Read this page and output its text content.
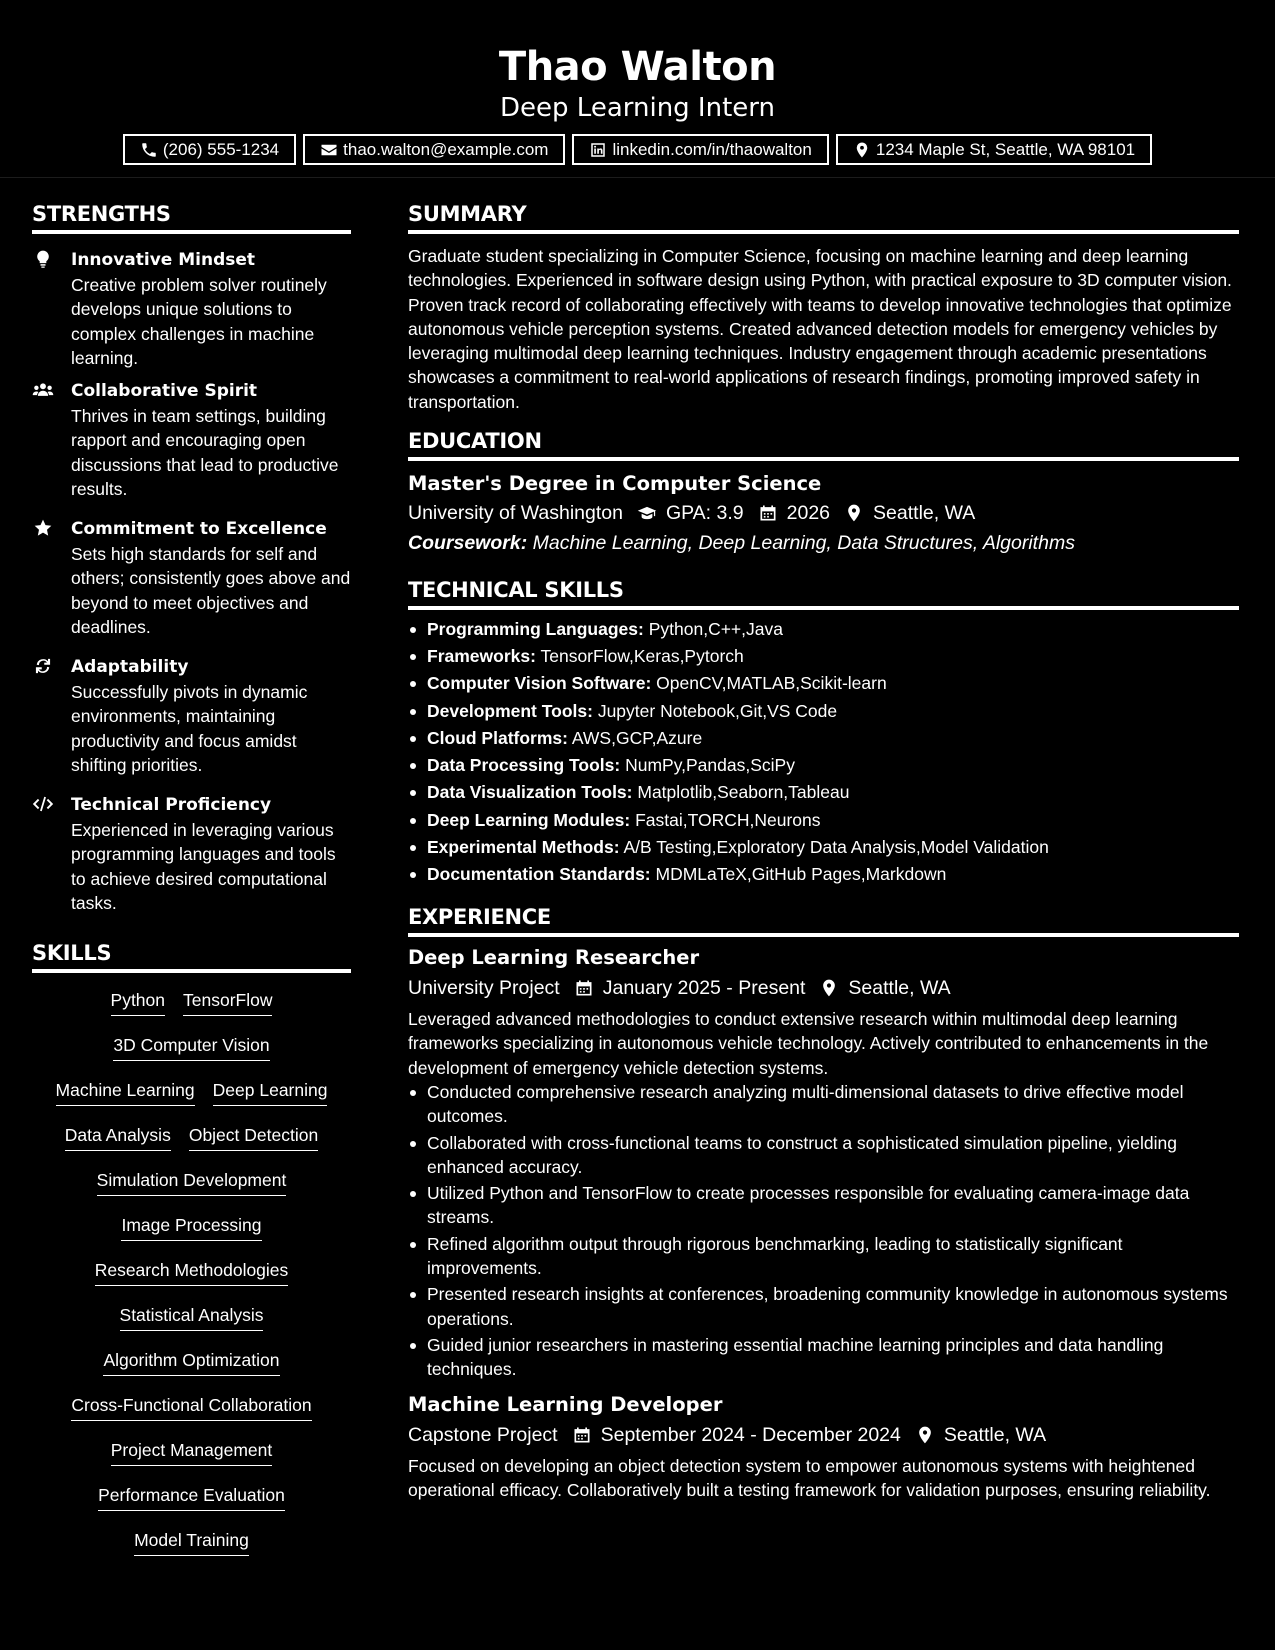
Thao Walton
Deep Learning Intern
(206) 555-1234	thao.walton@example.com	linkedin.com/in/thaowalton	1234 Maple St, Seattle, WA 98101
STRENGTHS
Innovative Mindset
Creative problem solver routinely develops unique solutions to complex challenges in machine learning.
Collaborative Spirit
Thrives in team settings, building rapport and encouraging open discussions that lead to productive results.
Commitment to Excellence
Sets high standards for self and others; consistently goes above and beyond to meet objectives and deadlines.
Adaptability
Successfully pivots in dynamic environments, maintaining productivity and focus amidst shifting priorities.
Technical Proficiency
Experienced in leveraging various programming languages and tools to achieve desired computational tasks.
SKILLS
Python TensorFlow
3D Computer Vision
Machine Learning Deep Learning
Data Analysis Object Detection
Simulation Development
Image Processing
Research Methodologies
Statistical Analysis
Algorithm Optimization
Cross-Functional Collaboration
Project Management
Performance Evaluation
Model Training
SUMMARY
Graduate student specializing in Computer Science, focusing on machine learning and deep learning technologies. Experienced in software design using Python, with practical exposure to 3D computer vision. Proven track record of collaborating effectively with teams to develop innovative technologies that optimize autonomous vehicle perception systems. Created advanced detection models for emergency vehicles by leveraging multimodal deep learning techniques. Industry engagement through academic presentations showcases a commitment to real-world applications of research findings, promoting improved safety in transportation.
EDUCATION
Master's Degree in Computer Science
University of Washington GPA: 3.9 2026 Seattle, WA
Coursework: Machine Learning, Deep Learning, Data Structures, Algorithms
TECHNICAL SKILLS
Programming Languages: Python,C++,Java
Frameworks: TensorFlow,Keras,Pytorch
Computer Vision Software: OpenCV,MATLAB,Scikit-learn
Development Tools: Jupyter Notebook,Git,VS Code
Cloud Platforms: AWS,GCP,Azure
Data Processing Tools: NumPy,Pandas,SciPy
Data Visualization Tools: Matplotlib,Seaborn,Tableau
Deep Learning Modules: Fastai,TORCH,Neurons
Experimental Methods: A/B Testing,Exploratory Data Analysis,Model Validation
Documentation Standards: MDMLaTeX,GitHub Pages,Markdown
EXPERIENCE
Deep Learning Researcher
University Project January 2025 - Present Seattle, WA
Leveraged advanced methodologies to conduct extensive research within multimodal deep learning frameworks specializing in autonomous vehicle technology. Actively contributed to enhancements in the development of emergency vehicle detection systems.
Conducted comprehensive research analyzing multi-dimensional datasets to drive effective model outcomes.
Collaborated with cross-functional teams to construct a sophisticated simulation pipeline, yielding enhanced accuracy.
Utilized Python and TensorFlow to create processes responsible for evaluating camera-image data streams.
Refined algorithm output through rigorous benchmarking, leading to statistically significant improvements.
Presented research insights at conferences, broadening community knowledge in autonomous systems operations.
Guided junior researchers in mastering essential machine learning principles and data handling techniques.
Machine Learning Developer
Capstone Project September 2024 - December 2024 Seattle, WA
Focused on developing an object detection system to empower autonomous systems with heightened operational efficacy. Collaboratively built a testing framework for validation purposes, ensuring reliability.
